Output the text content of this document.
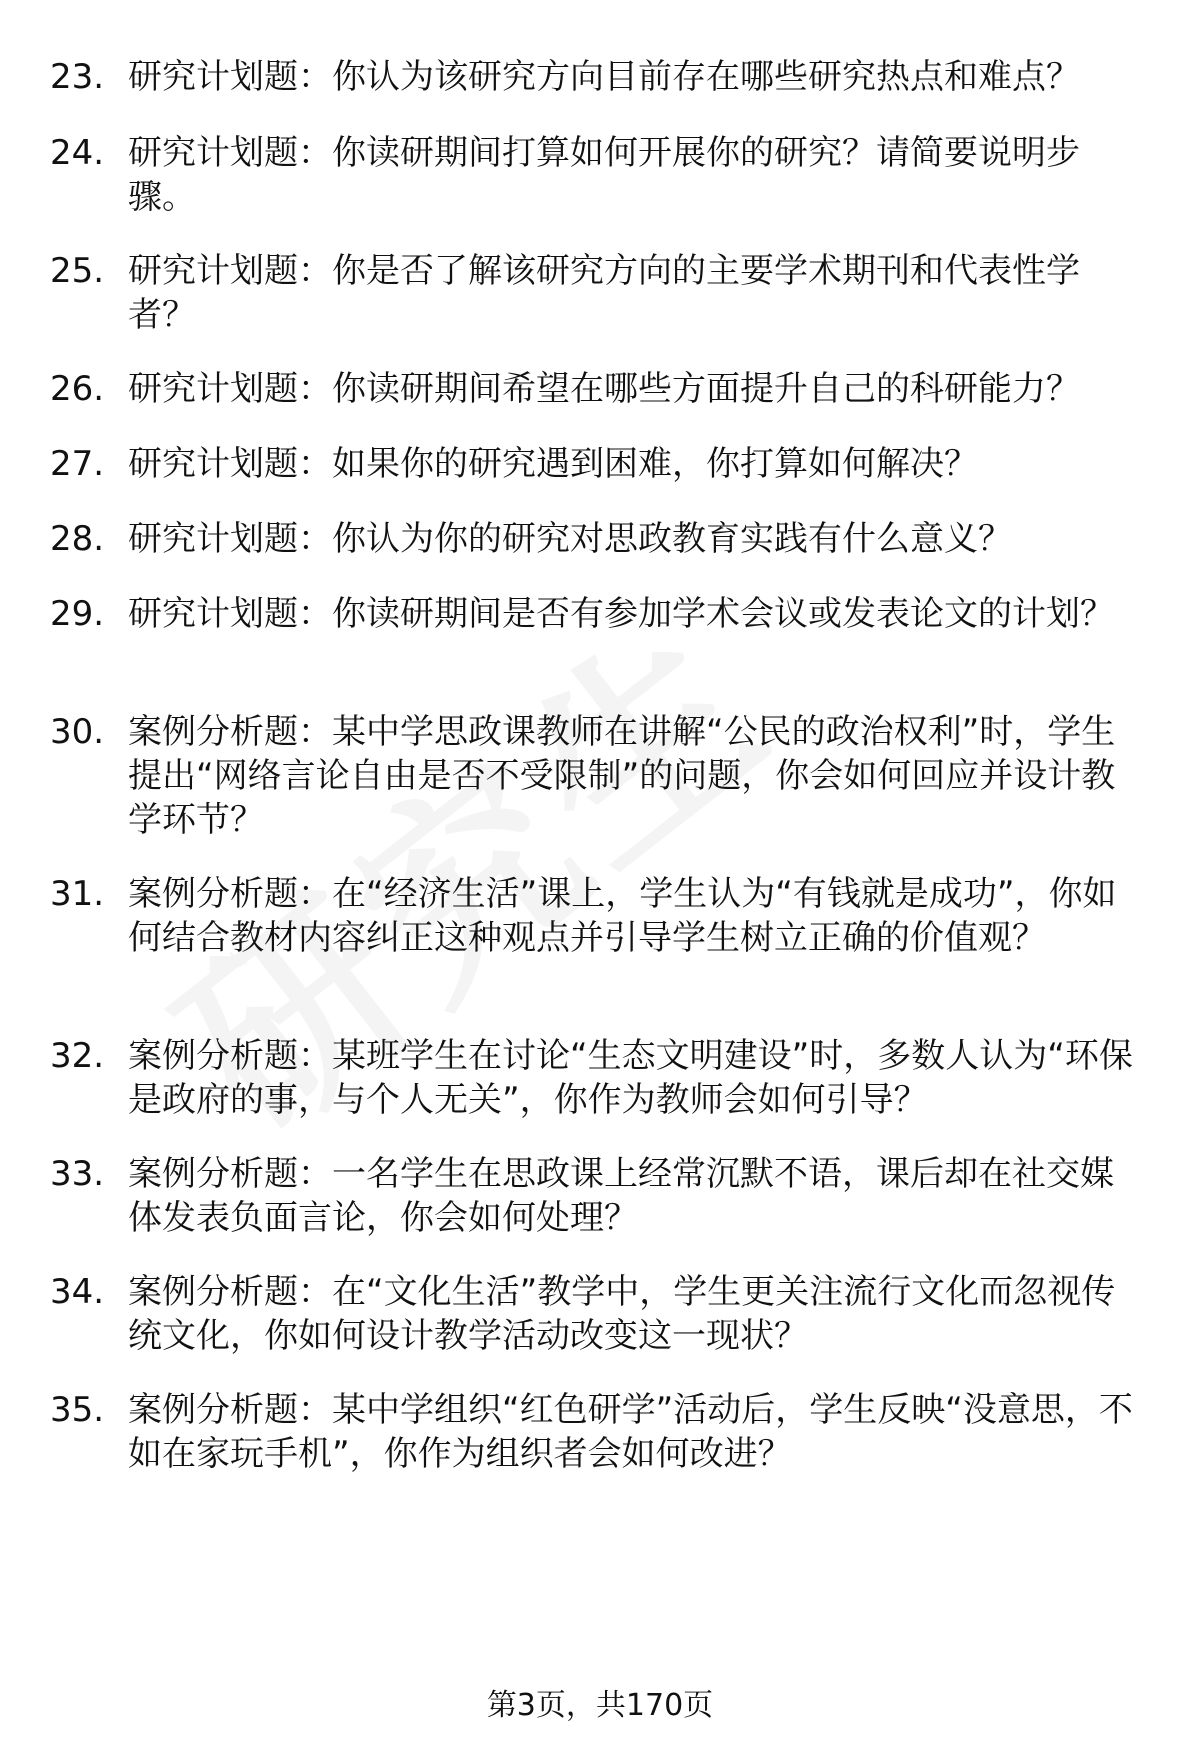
23. 研究计划题：你认为该研究方向目前存在哪些研究热点和难点？
24. 研究计划题：你读研期间打算如何开展你的研究？请简要说明步骤。
25. 研究计划题：你是否了解该研究方向的主要学术期刊和代表性学者？
26. 研究计划题：你读研期间希望在哪些方面提升自己的科研能力？
27. 研究计划题：如果你的研究遇到困难，你打算如何解决？
28. 研究计划题：你认为你的研究对思政教育实践有什么意义？
29. 研究计划题：你读研期间是否有参加学术会议或发表论文的计划？
30. 案例分析题：某中学思政课教师在讲解“公民的政治权利”时，学生提出“网络言论自由是否不受限制”的问题，你会如何回应并设计教学环节？
31. 案例分析题：在“经济生活”课上，学生认为“有钱就是成功”，你如何结合教材内容纠正这种观点并引导学生树立正确的价值观？
32. 案例分析题：某班学生在讨论“生态文明建设”时，多数人认为“环保是政府的事，与个人无关”，你作为教师会如何引导？
33. 案例分析题：一名学生在思政课上经常沉默不语，课后却在社交媒体发表负面言论，你会如何处理？
34. 案例分析题：在“文化生活”教学中，学生更关注流行文化而忽视传统文化，你如何设计教学活动改变这一现状？
35. 案例分析题：某中学组织“红色研学”活动后，学生反映“没意思，不如在家玩手机”，你作为组织者会如何改进？
第3页，共170页
